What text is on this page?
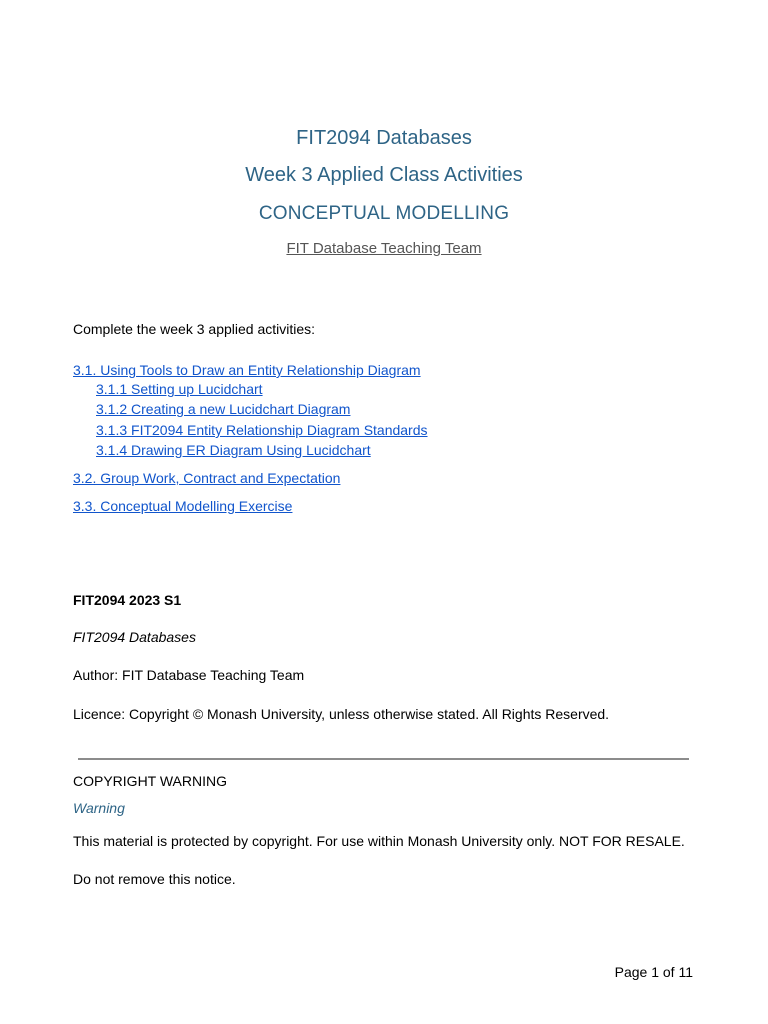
FIT2094 Databases
Week 3 Applied Class Activities
CONCEPTUAL MODELLING
FIT Database Teaching Team
Complete the week 3 applied activities:
3.1. Using Tools to Draw an Entity Relationship Diagram
3.1.1 Setting up Lucidchart
3.1.2 Creating a new Lucidchart Diagram
3.1.3 FIT2094 Entity Relationship Diagram Standards
3.1.4 Drawing ER Diagram Using Lucidchart
3.2. Group Work, Contract and Expectation
3.3. Conceptual Modelling Exercise
FIT2094 2023 S1
FIT2094 Databases
Author: FIT Database Teaching Team
Licence: Copyright © Monash University, unless otherwise stated. All Rights Reserved.
COPYRIGHT WARNING
Warning
This material is protected by copyright. For use within Monash University only. NOT FOR RESALE.
Do not remove this notice.
Page 1 of 11
